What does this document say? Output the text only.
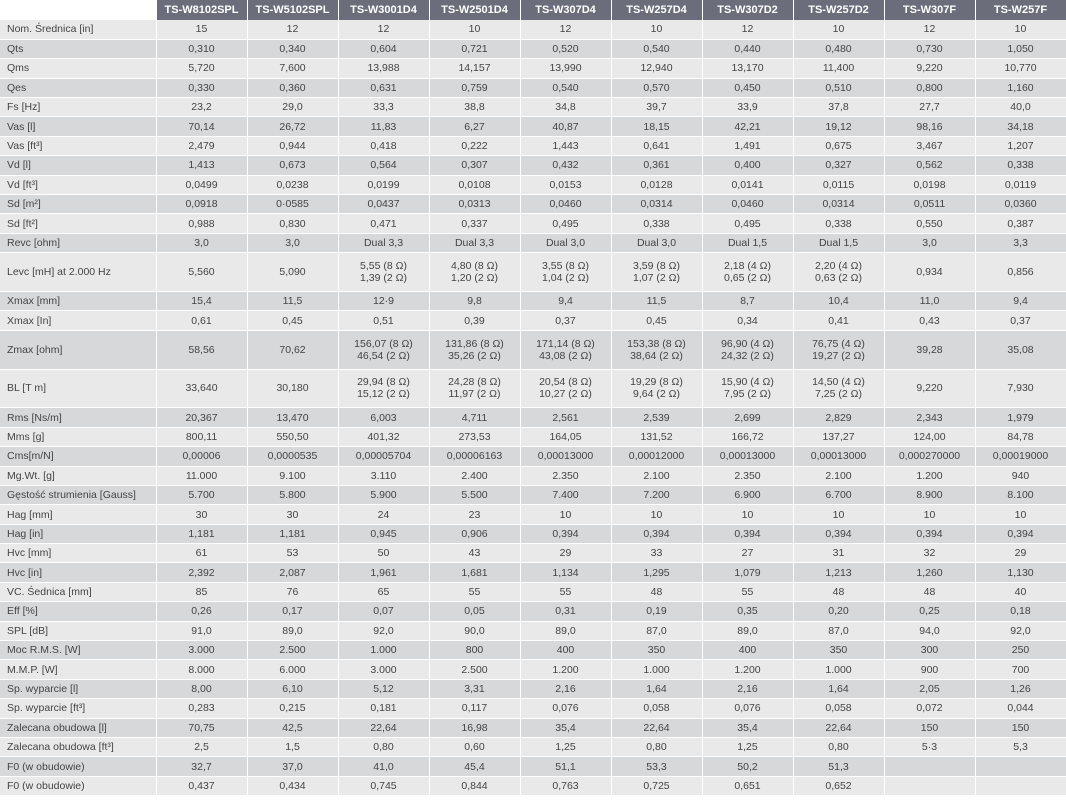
	TS-W8102SPL	TS-W5102SPL	TS-W3001D4	TS-W2501D4	TS-W307D4	TS-W257D4	TS-W307D2	TS-W257D2	TS-W307F	TS-W257F
Nom. Średnica [in]	15	12	12	10	12	10	12	10	12	10
Qts	0,310	0,340	0,604	0,721	0,520	0,540	0,440	0,480	0,730	1,050
Qms	5,720	7,600	13,988	14,157	13,990	12,940	13,170	11,400	9,220	10,770
Qes	0,330	0,360	0,631	0,759	0,540	0,570	0,450	0,510	0,800	1,160
Fs [Hz]	23,2	29,0	33,3	38,8	34,8	39,7	33,9	37,8	27,7	40,0
Vas [l]	70,14	26,72	11,83	6,27	40,87	18,15	42,21	19,12	98,16	34,18
Vas [ft³]	2,479	0,944	0,418	0,222	1,443	0,641	1,491	0,675	3,467	1,207
Vd [l]	1,413	0,673	0,564	0,307	0,432	0,361	0,400	0,327	0,562	0,338
Vd [ft³]	0,0499	0,0238	0,0199	0,0108	0,0153	0,0128	0,0141	0,0115	0,0198	0,0119
Sd [m²]	0,0918	0·0585	0,0437	0,0313	0,0460	0,0314	0,0460	0,0314	0,0511	0,0360
Sd [ft²]	0,988	0,830	0,471	0,337	0,495	0,338	0,495	0,338	0,550	0,387
Revc [ohm]	3,0	3,0	Dual 3,3	Dual 3,3	Dual 3,0	Dual 3,0	Dual 1,5	Dual 1,5	3,0	3,3
Levc [mH] at 2.000 Hz	5,560	5,090	5,55 (8 Ω)
1,39 (2 Ω)	4,80 (8 Ω)
1,20 (2 Ω)	3,55 (8 Ω)
1,04 (2 Ω)	3,59 (8 Ω)
1,07 (2 Ω)	2,18 (4 Ω)
0,65 (2 Ω)	2,20 (4 Ω)
0,63 (2 Ω)	0,934	0,856

Xmax [mm]	15,4	11,5	12·9	9,8	9,4	11,5	8,7	10,4	11,0	9,4
Xmax [In]	0,61	0,45	0,51	0,39	0,37	0,45	0,34	0,41	0,43	0,37
Zmax [ohm]	58,56	70,62	156,07 (8 Ω)
46,54 (2 Ω)	131,86 (8 Ω)
35,26 (2 Ω)	171,14 (8 Ω)
43,08 (2 Ω)	153,38 (8 Ω)
38,64 (2 Ω)	96,90 (4 Ω)
24,32 (2 Ω)	76,75 (4 Ω)
19,27 (2 Ω)	39,28	35,08

BL [T m]	33,640	30,180	29,94 (8 Ω)
15,12 (2 Ω)	24,28 (8 Ω)
11,97 (2 Ω)	20,54 (8 Ω)
10,27 (2 Ω)	19,29 (8 Ω)
9,64 (2 Ω)	15,90 (4 Ω)
7,95 (2 Ω)	14,50 (4 Ω)
7,25 (2 Ω)	9,220	7,930

Rms [Ns/m]	20,367	13,470	6,003	4,711	2,561	2,539	2,699	2,829	2,343	1,979
Mms [g]	800,11	550,50	401,32	273,53	164,05	131,52	166,72	137,27	124,00	84,78
Cms[m/N]	0,00006	0,0000535	0,00005704	0,00006163	0,00013000	0,00012000	0,00013000	0,00013000	0,000270000	0,00019000
Mg.Wt. [g]	11.000	9.100	3.110	2.400	2.350	2.100	2.350	2.100	1.200	940
Gęstość strumienia [Gauss]	5.700	5.800	5.900	5.500	7.400	7.200	6.900	6.700	8.900	8.100
Hag [mm]	30	30	24	23	10	10	10	10	10	10
Hag [in]	1,181	1,181	0,945	0,906	0,394	0,394	0,394	0,394	0,394	0,394
Hvc [mm]	61	53	50	43	29	33	27	31	32	29
Hvc [in]	2,392	2,087	1,961	1,681	1,134	1,295	1,079	1,213	1,260	1,130
VC. Śednica [mm]	85	76	65	55	55	48	55	48	48	40
Eff [%]	0,26	0,17	0,07	0,05	0,31	0,19	0,35	0,20	0,25	0,18
SPL [dB]	91,0	89,0	92,0	90,0	89,0	87,0	89,0	87,0	94,0	92,0
Moc R.M.S. [W]	3.000	2.500	1.000	800	400	350	400	350	300	250
M.M.P. [W]	8.000	6.000	3.000	2.500	1.200	1.000	1.200	1.000	900	700
Sp. wyparcie [l]	8,00	6,10	5,12	3,31	2,16	1,64	2,16	1,64	2,05	1,26
Sp. wyparcie [ft³]	0,283	0,215	0,181	0,117	0,076	0,058	0,076	0,058	0,072	0,044
Zalecana obudowa [l]	70,75	42,5	22,64	16,98	35,4	22,64	35,4	22,64	150	150
Zalecana obudowa [ft³]	2,5	1,5	0,80	0,60	1,25	0,80	1,25	0,80	5·3	5,3
F0 (w obudowie)	32,7	37,0	41,0	45,4	51,1	53,3	50,2	51,3		
F0 (w obudowie)	0,437	0,434	0,745	0,844	0,763	0,725	0,651	0,652		
